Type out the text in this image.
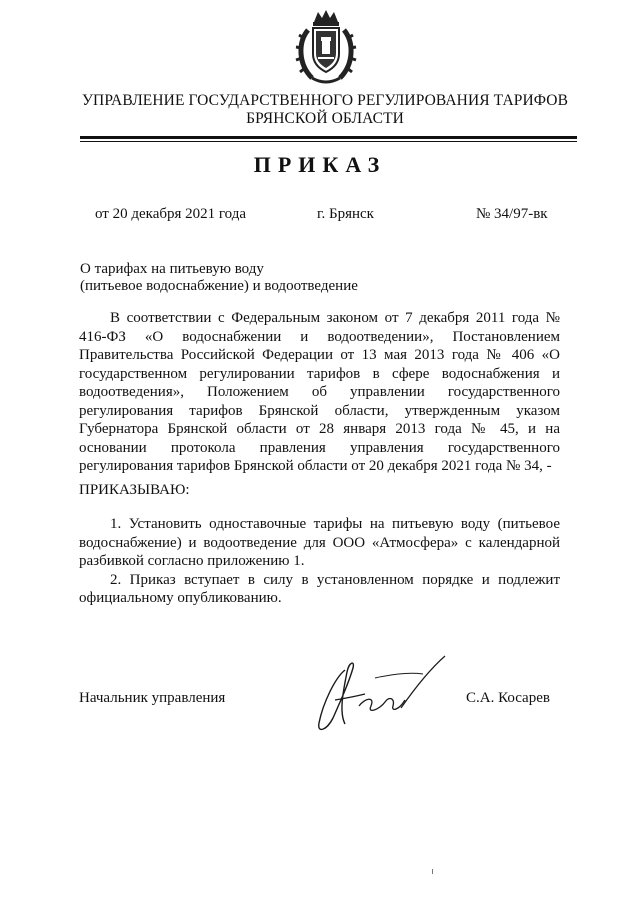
УПРАВЛЕНИЕ ГОСУДАРСТВЕННОГО РЕГУЛИРОВАНИЯ ТАРИФОВ
БРЯНСКОЙ ОБЛАСТИ
ПРИКАЗ
от 20 декабря 2021 года	г. Брянск	№ 34/97-вк
О тарифах на питьевую воду
(питьевое водоснабжение) и водоотведение
В соответствии с Федеральным законом от 7 декабря 2011 года №
416-ФЗ «О водоснабжении и водоотведении», Постановлением
Правительства Российской Федерации от 13 мая 2013 года № 406 «О
государственном регулировании тарифов в сфере водоснабжения и
водоотведения», Положением об управлении государственного
регулирования тарифов Брянской области, утвержденным указом
Губернатора Брянской области от 28 января 2013 года № 45, и на
основании протокола правления управления государственного
регулирования тарифов Брянской области от 20 декабря 2021 года № 34, -
ПРИКАЗЫВАЮ:
1. Установить одноставочные тарифы на питьевую воду (питьевое
водоснабжение) и водоотведение для ООО «Атмосфера» с календарной
разбивкой согласно приложению 1.
2. Приказ вступает в силу в установленном порядке и подлежит
официальному опубликованию.
Начальник управления	С.А. Косарев
